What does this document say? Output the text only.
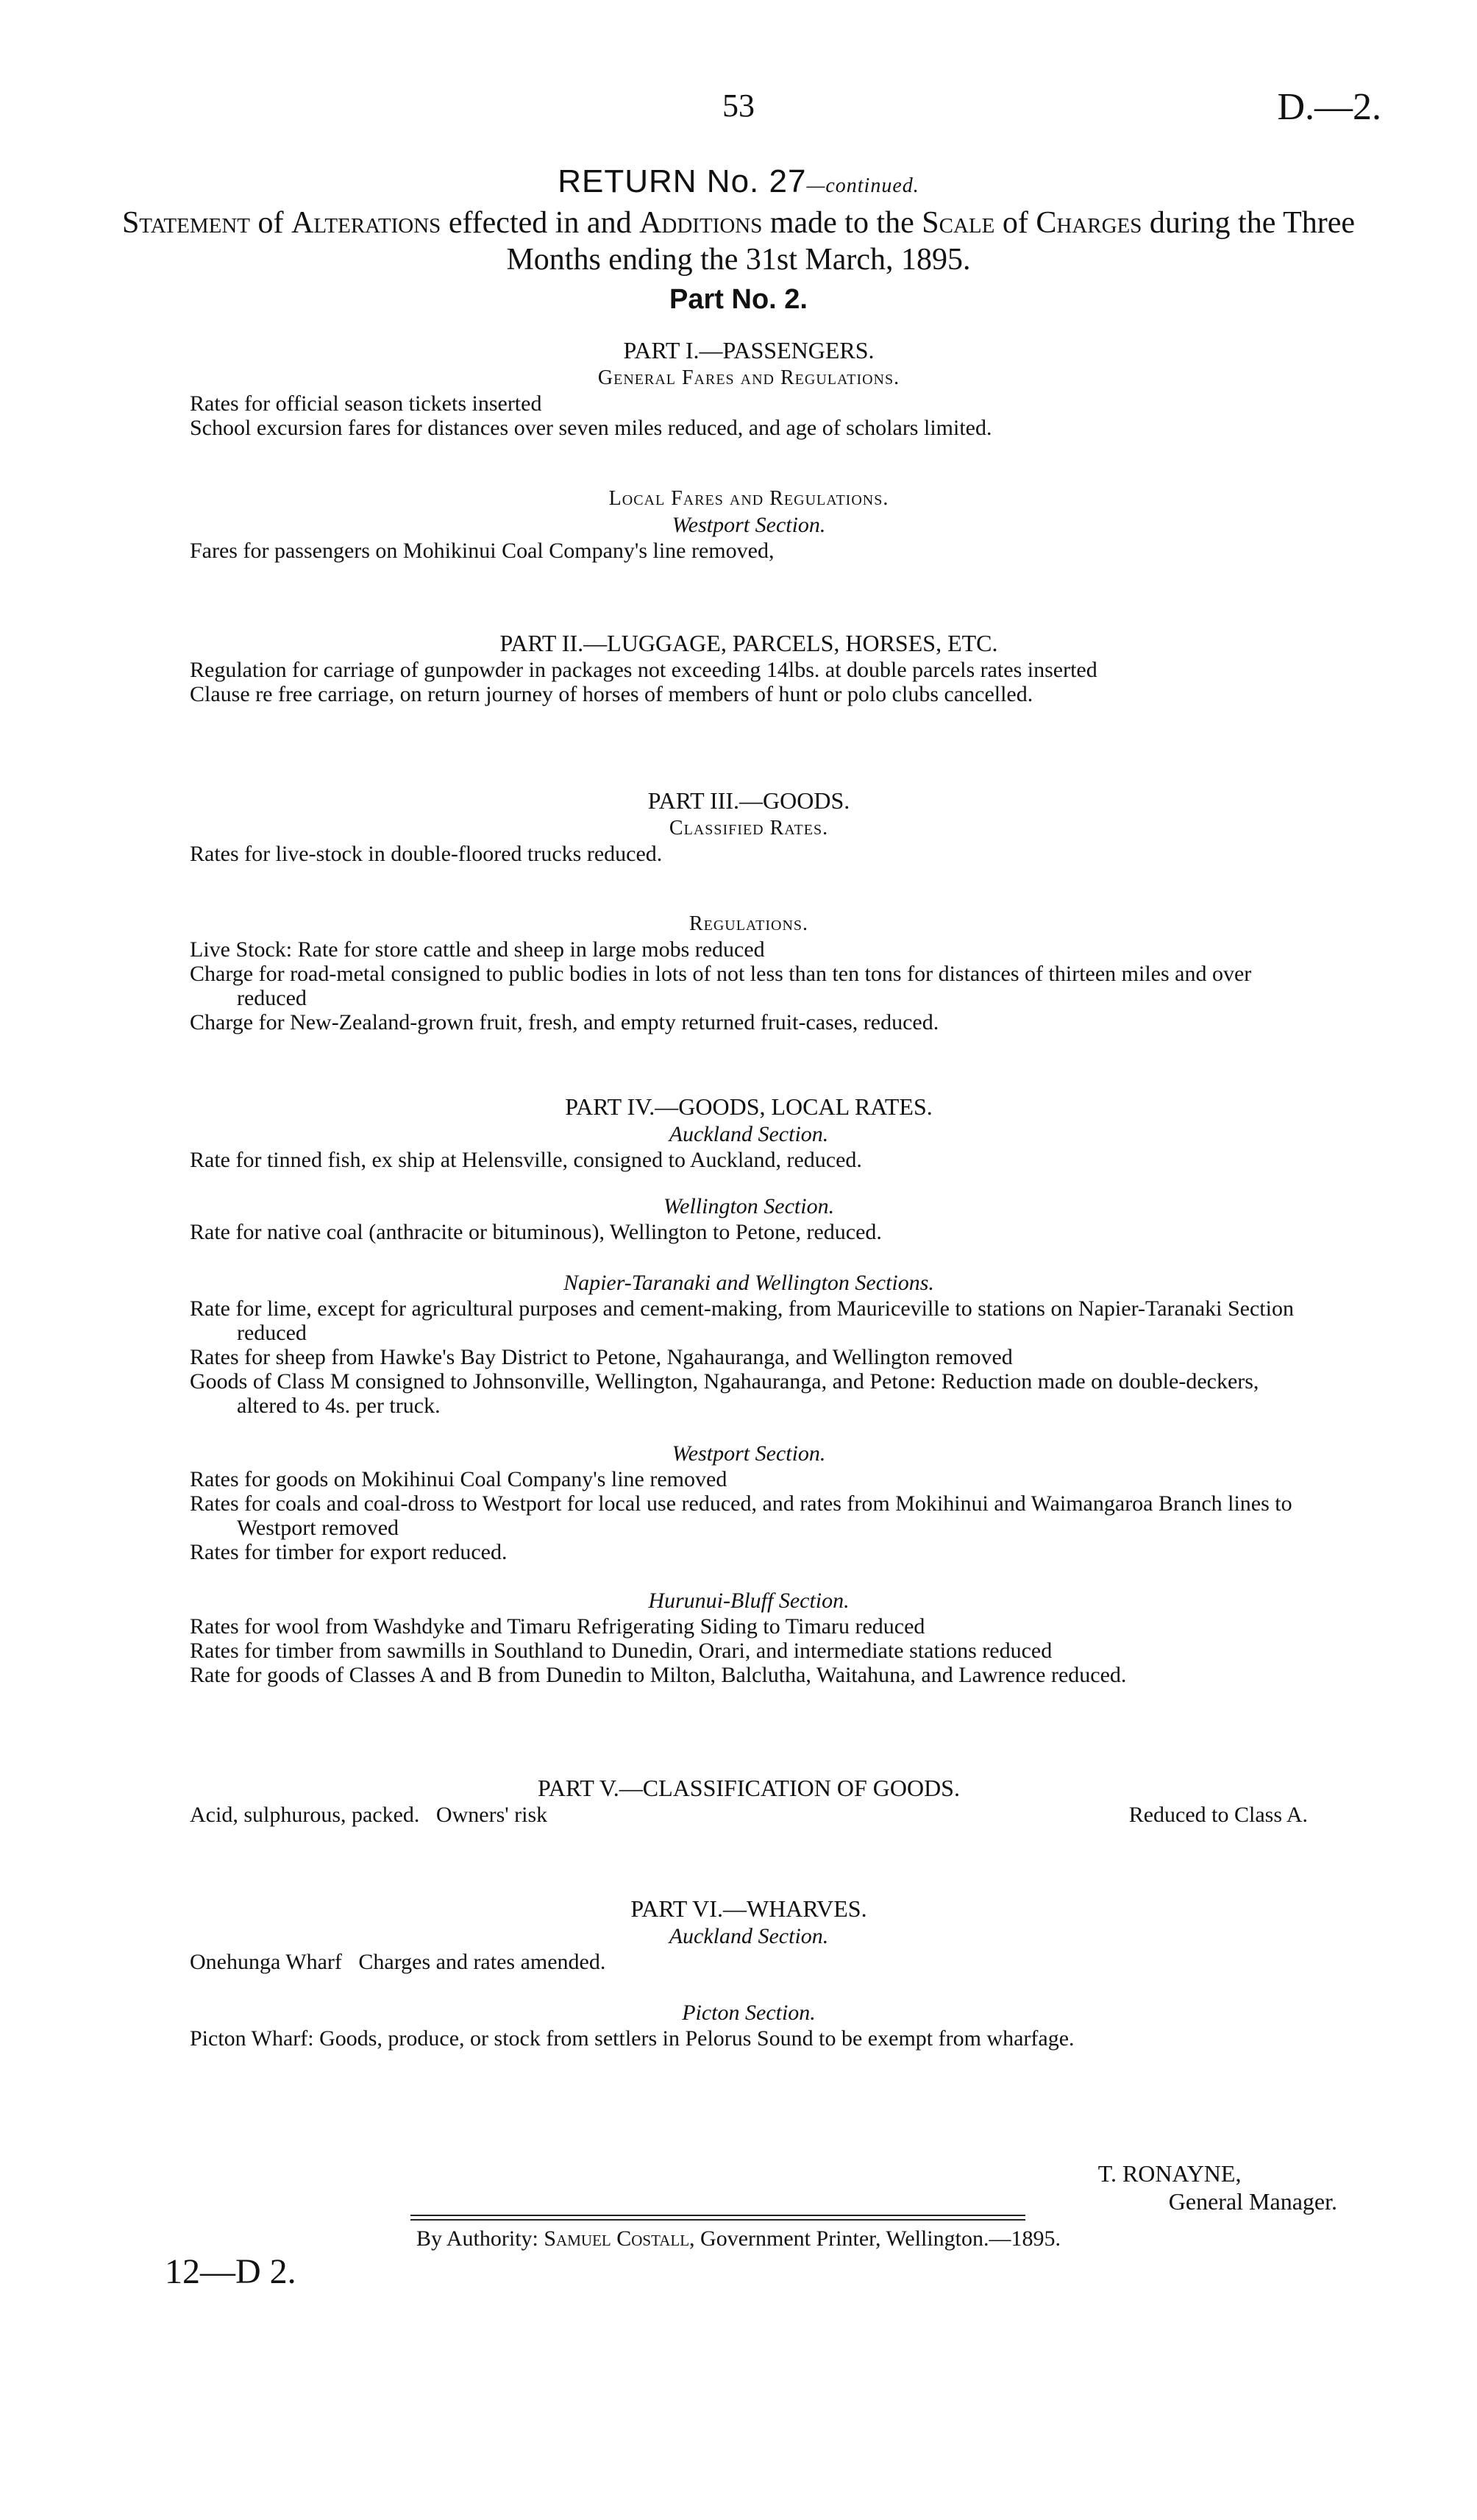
53	D.—2.
RETURN No. 27—continued.
Statement of Alterations effected in and Additions made to the Scale of Charges during the Three Months ending the 31st March, 1895.
Part No. 2.
PART I.—PASSENGERS.
General Fares and Regulations.

Rates for official season tickets inserted

School excursion fares for distances over seven miles reduced, and age of scholars limited.

Local Fares and Regulations.
Westport Section.

Fares for passengers on Mohikinui Coal Company's line removed,

PART II.—LUGGAGE, PARCELS, HORSES, ETC.

Regulation for carriage of gunpowder in packages not exceeding 14lbs. at double parcels rates inserted

Clause re free carriage, on return journey of horses of members of hunt or polo clubs cancelled.

PART III.—GOODS.
Classified Rates.

Rates for live-stock in double-floored trucks reduced.

Regulations.

Live Stock: Rate for store cattle and sheep in large mobs reduced

Charge for road-metal consigned to public bodies in lots of not less than ten tons for distances of thirteen miles and over reduced

Charge for New-Zealand-grown fruit, fresh, and empty returned fruit-cases, reduced.

PART IV.—GOODS, LOCAL RATES.
Auckland Section.

Rate for tinned fish, ex ship at Helensville, consigned to Auckland, reduced.

Wellington Section.

Rate for native coal (anthracite or bituminous), Wellington to Petone, reduced.

Napier-Taranaki and Wellington Sections.

Rate for lime, except for agricultural purposes and cement-making, from Mauriceville to stations on Napier-Taranaki Section reduced

Rates for sheep from Hawke's Bay District to Petone, Ngahauranga, and Wellington removed

Goods of Class M consigned to Johnsonville, Wellington, Ngahauranga, and Petone: Reduction made on double-deckers, altered to 4s. per truck.

Westport Section.

Rates for goods on Mokihinui Coal Company's line removed

Rates for coals and coal-dross to Westport for local use reduced, and rates from Mokihinui and Waimangaroa Branch lines to Westport removed

Rates for timber for export reduced.

Hurunui-Bluff Section.

Rates for wool from Washdyke and Timaru Refrigerating Siding to Timaru reduced

Rates for timber from sawmills in Southland to Dunedin, Orari, and intermediate stations reduced

Rate for goods of Classes A and B from Dunedin to Milton, Balclutha, Waitahuna, and Lawrence reduced.

PART V.—CLASSIFICATION OF GOODS.
Acid, sulphurous, packed.   Owners' risk	Reduced to Class A.
PART VI.—WHARVES.
Auckland Section.

Onehunga Wharf   Charges and rates amended.

Picton Section.

Picton Wharf: Goods, produce, or stock from settlers in Pelorus Sound to be exempt from wharfage.

T. RONAYNE,
General Manager.
By Authority: Samuel Costall, Government Printer, Wellington.—1895.
12—D 2.
